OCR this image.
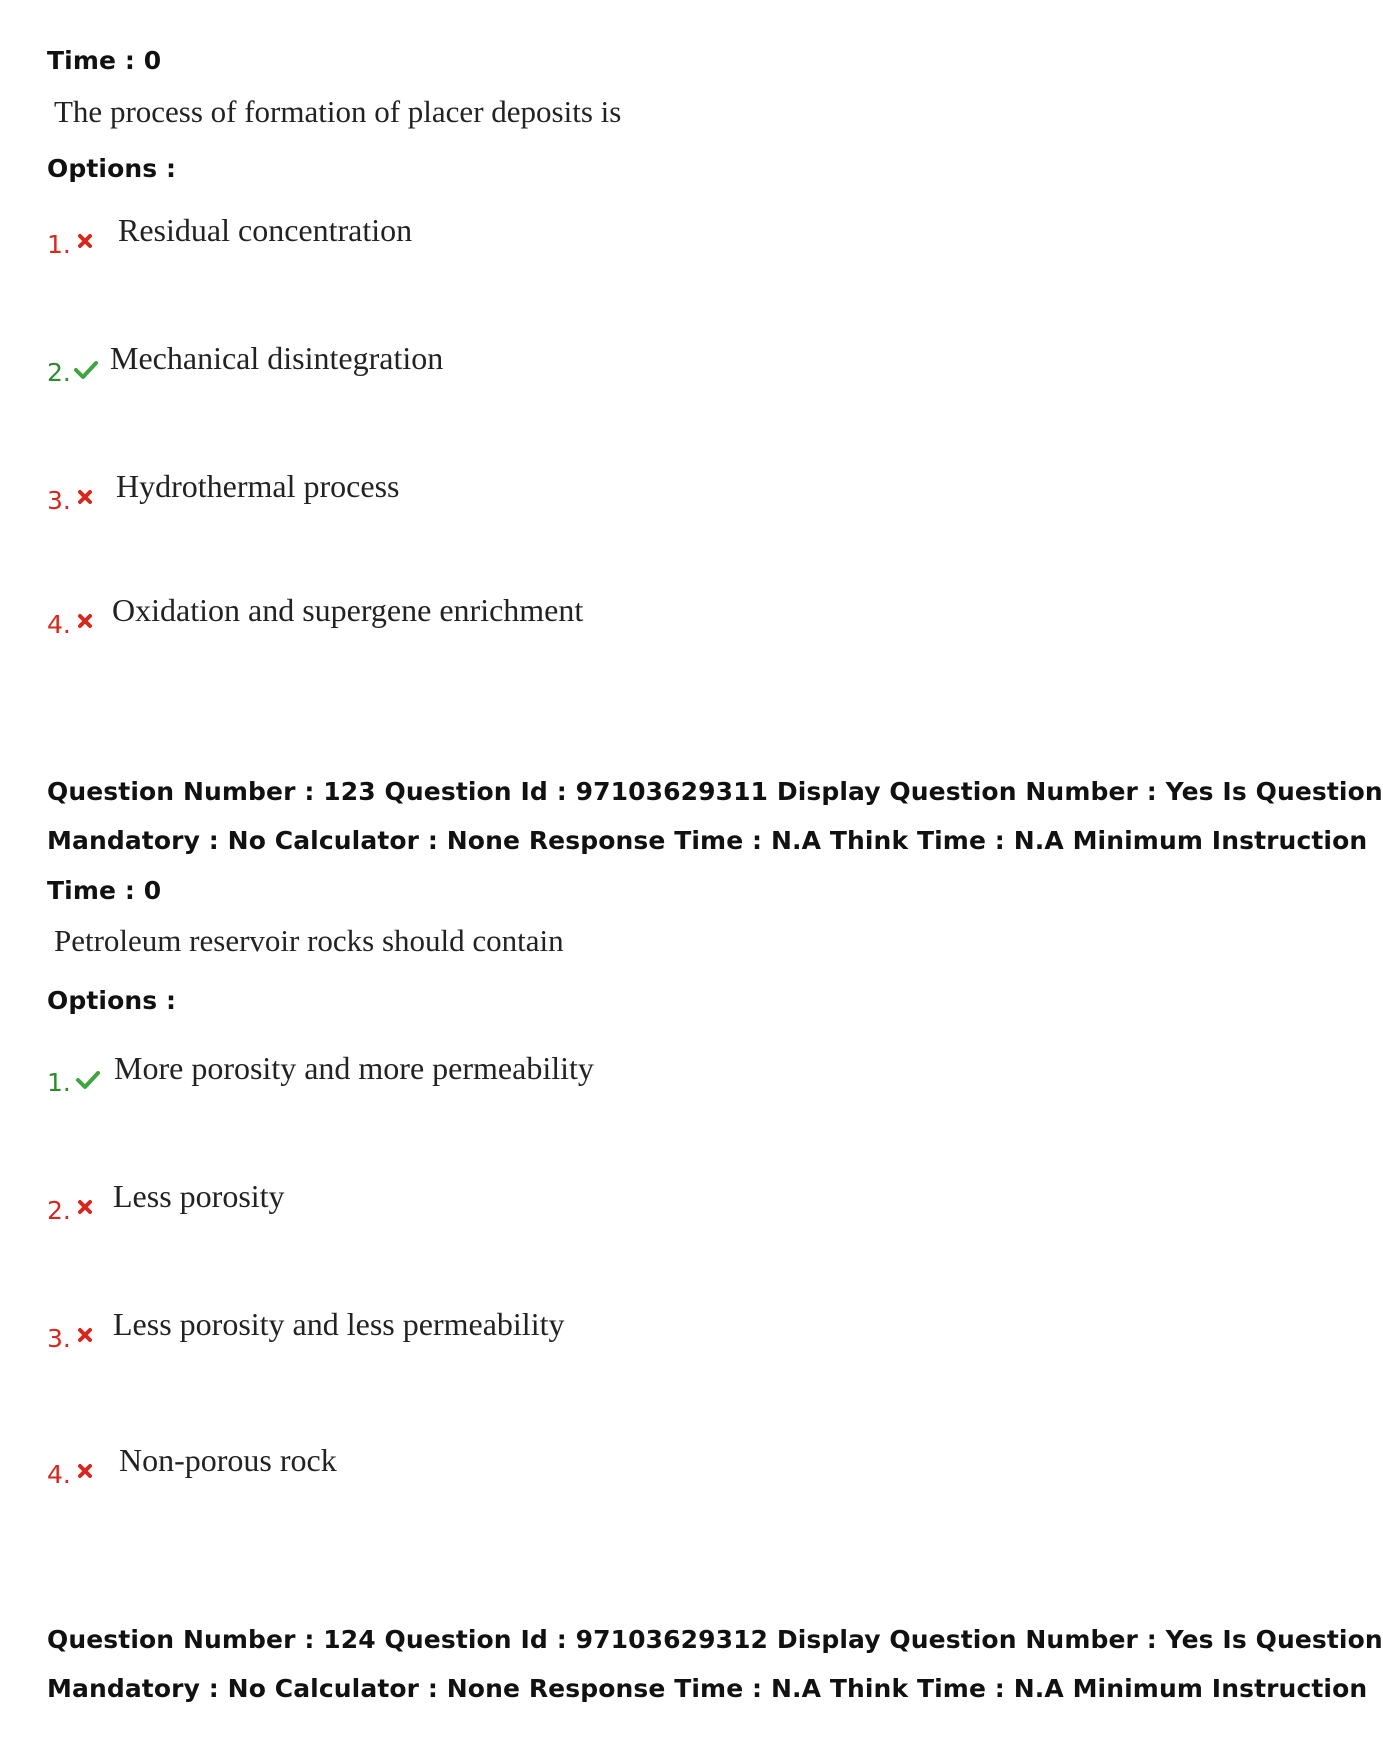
Time : 0
The process of formation of placer deposits is
Options :
1. Residual concentration
2. Mechanical disintegration
3. Hydrothermal process
4. Oxidation and supergene enrichment
Question Number : 123 Question Id : 97103629311 Display Question Number : Yes Is Question
Mandatory : No Calculator : None Response Time : N.A Think Time : N.A Minimum Instruction
Time : 0
Petroleum reservoir rocks should contain
Options :
1. More porosity and more permeability
2. Less porosity
3. Less porosity and less permeability
4. Non-porous rock
Question Number : 124 Question Id : 97103629312 Display Question Number : Yes Is Question
Mandatory : No Calculator : None Response Time : N.A Think Time : N.A Minimum Instruction
